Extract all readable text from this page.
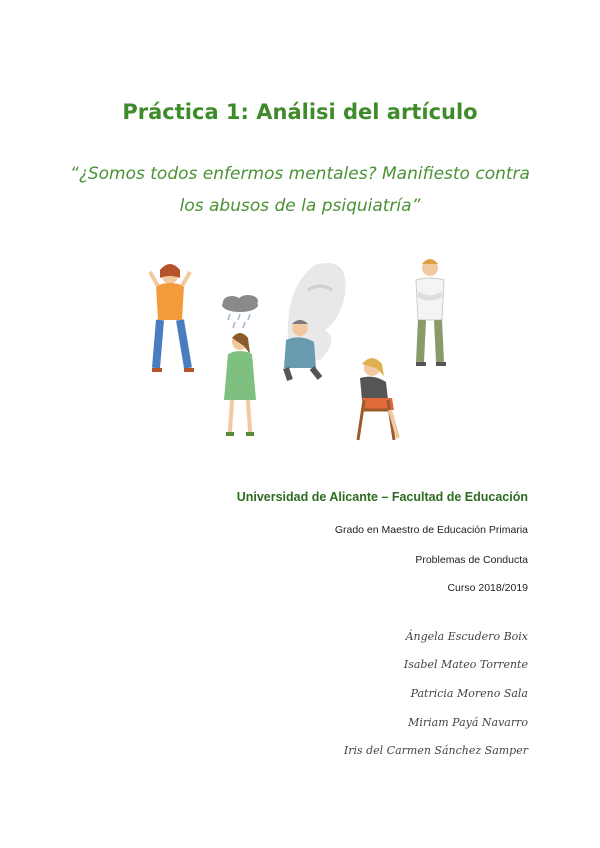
Práctica 1: Análisi del artículo
“¿Somos todos enfermos mentales? Manifiesto contra
los abusos de la psiquiatría”
Universidad de Alicante – Facultad de Educación
Grado en Maestro de Educación Primaria
Problemas de Conducta
Curso 2018/2019
Ángela Escudero Boix
Isabel Mateo Torrente
Patricia Moreno Sala
Miriam Payá Navarro
Iris del Carmen Sánchez Samper
